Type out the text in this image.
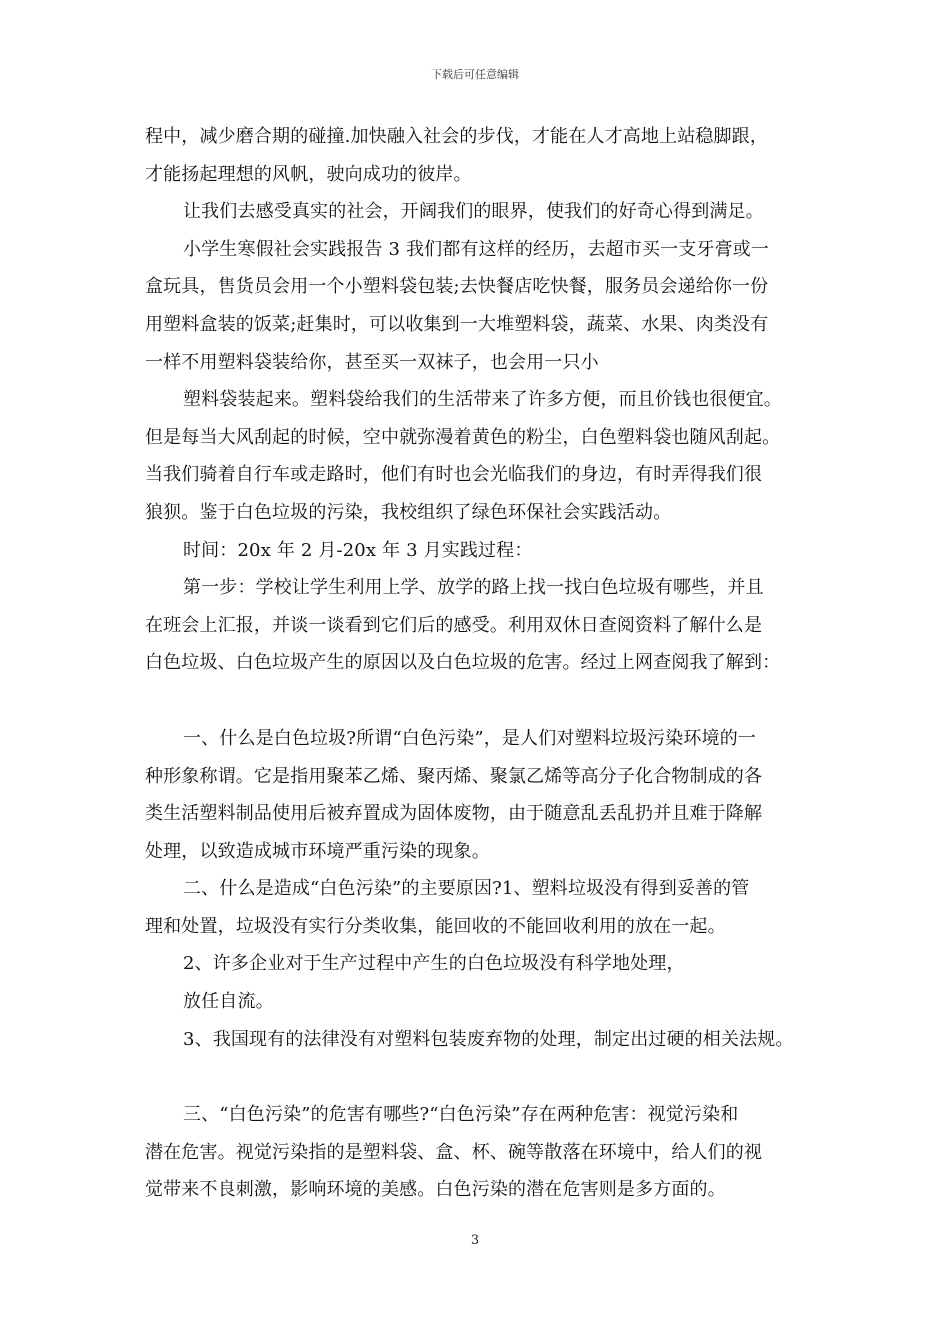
下载后可任意编辑
程中，减少磨合期的碰撞.加快融入社会的步伐，才能在人才高地上站稳脚跟，
才能扬起理想的风帆，驶向成功的彼岸。
让我们去感受真实的社会，开阔我们的眼界，使我们的好奇心得到满足。
小学生寒假社会实践报告 3 我们都有这样的经历，去超市买一支牙膏或一
盒玩具，售货员会用一个小塑料袋包装;去快餐店吃快餐，服务员会递给你一份
用塑料盒装的饭菜;赶集时，可以收集到一大堆塑料袋，蔬菜、水果、肉类没有
一样不用塑料袋装给你，甚至买一双袜子，也会用一只小
塑料袋装起来。塑料袋给我们的生活带来了许多方便，而且价钱也很便宜。
但是每当大风刮起的时候，空中就弥漫着黄色的粉尘，白色塑料袋也随风刮起。
当我们骑着自行车或走路时，他们有时也会光临我们的身边，有时弄得我们很
狼狈。鉴于白色垃圾的污染，我校组织了绿色环保社会实践活动。
时间：20x 年 2 月-20x 年 3 月实践过程：
第一步：学校让学生利用上学、放学的路上找一找白色垃圾有哪些，并且
在班会上汇报，并谈一谈看到它们后的感受。利用双休日查阅资料了解什么是
白色垃圾、白色垃圾产生的原因以及白色垃圾的危害。经过上网查阅我了解到：
一、什么是白色垃圾?所谓“白色污染”，是人们对塑料垃圾污染环境的一
种形象称谓。它是指用聚苯乙烯、聚丙烯、聚氯乙烯等高分子化合物制成的各
类生活塑料制品使用后被弃置成为固体废物，由于随意乱丢乱扔并且难于降解
处理，以致造成城市环境严重污染的现象。
二、什么是造成“白色污染”的主要原因?1、塑料垃圾没有得到妥善的管
理和处置，垃圾没有实行分类收集，能回收的不能回收利用的放在一起。
2、许多企业对于生产过程中产生的白色垃圾没有科学地处理，
放任自流。
3、我国现有的法律没有对塑料包装废弃物的处理，制定出过硬的相关法规。
三、“白色污染”的危害有哪些?“白色污染”存在两种危害：视觉污染和
潜在危害。视觉污染指的是塑料袋、盒、杯、碗等散落在环境中，给人们的视
觉带来不良刺激，影响环境的美感。白色污染的潜在危害则是多方面的。
3
